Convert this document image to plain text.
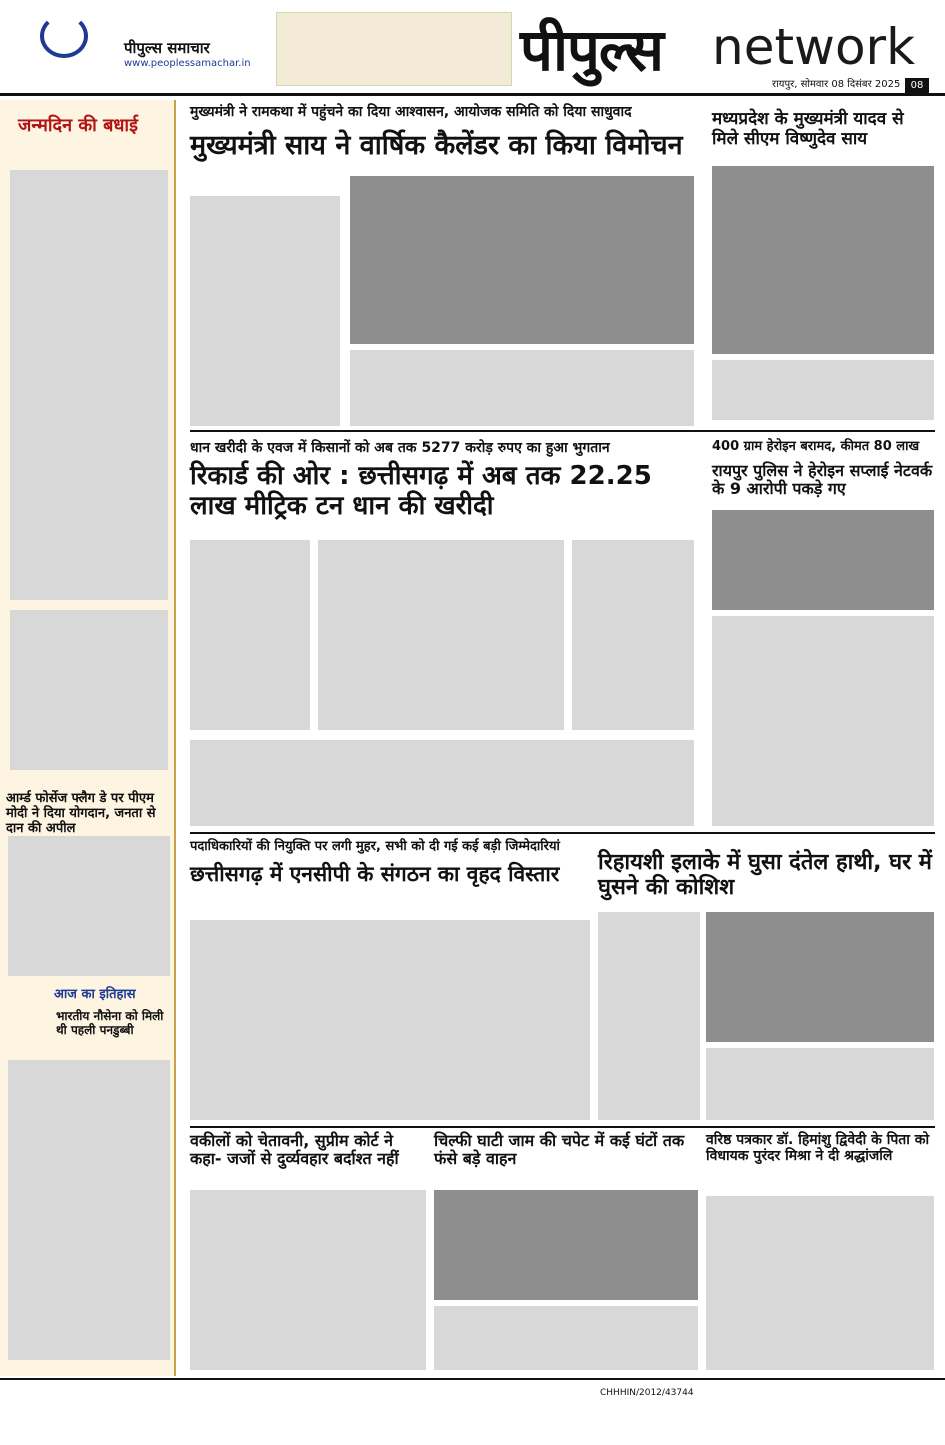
पीपुल्स समाचार
www.peoplessamachar.in	पीपुल्स network
रायपुर, सोमवार 08 दिसंबर 2025	08
जन्मदिन की बधाई
आर्म्ड फोर्सेज फ्लैग डे पर पीएम मोदी ने दिया योगदान, जनता से दान की अपील
आज का इतिहास
भारतीय नौसेना को मिली थी पहली पनडुब्बी
मुख्यमंत्री ने रामकथा में पहुंचने का दिया आश्वासन, आयोजक समिति को दिया साधुवाद
मुख्यमंत्री साय ने वार्षिक कैलेंडर का किया विमोचन
मध्यप्रदेश के मुख्यमंत्री यादव से मिले सीएम विष्णुदेव साय
धान खरीदी के एवज में किसानों को अब तक 5277 करोड़ रुपए का हुआ भुगतान
रिकार्ड की ओर : छत्तीसगढ़ में अब तक 22.25 लाख मीट्रिक टन धान की खरीदी
400 ग्राम हेरोइन बरामद, कीमत 80 लाख
रायपुर पुलिस ने हेरोइन सप्लाई नेटवर्क के 9 आरोपी पकड़े गए
पदाधिकारियों की नियुक्ति पर लगी मुहर, सभी को दी गई कई बड़ी जिम्मेदारियां
छत्तीसगढ़ में एनसीपी के संगठन का वृहद विस्तार	रिहायशी इलाके में घुसा दंतेल हाथी, घर में घुसने की कोशिश
वकीलों को चेतावनी, सुप्रीम कोर्ट ने कहा- जजों से दुर्व्यवहार बर्दाश्त नहीं
चिल्फी घाटी जाम की चपेट में कई घंटों तक फंसे बड़े वाहन
वरिष्ठ पत्रकार डॉ. हिमांशु द्विवेदी के पिता को विधायक पुरंदर मिश्रा ने दी श्रद्धांजलि
CHHHIN/2012/43744
